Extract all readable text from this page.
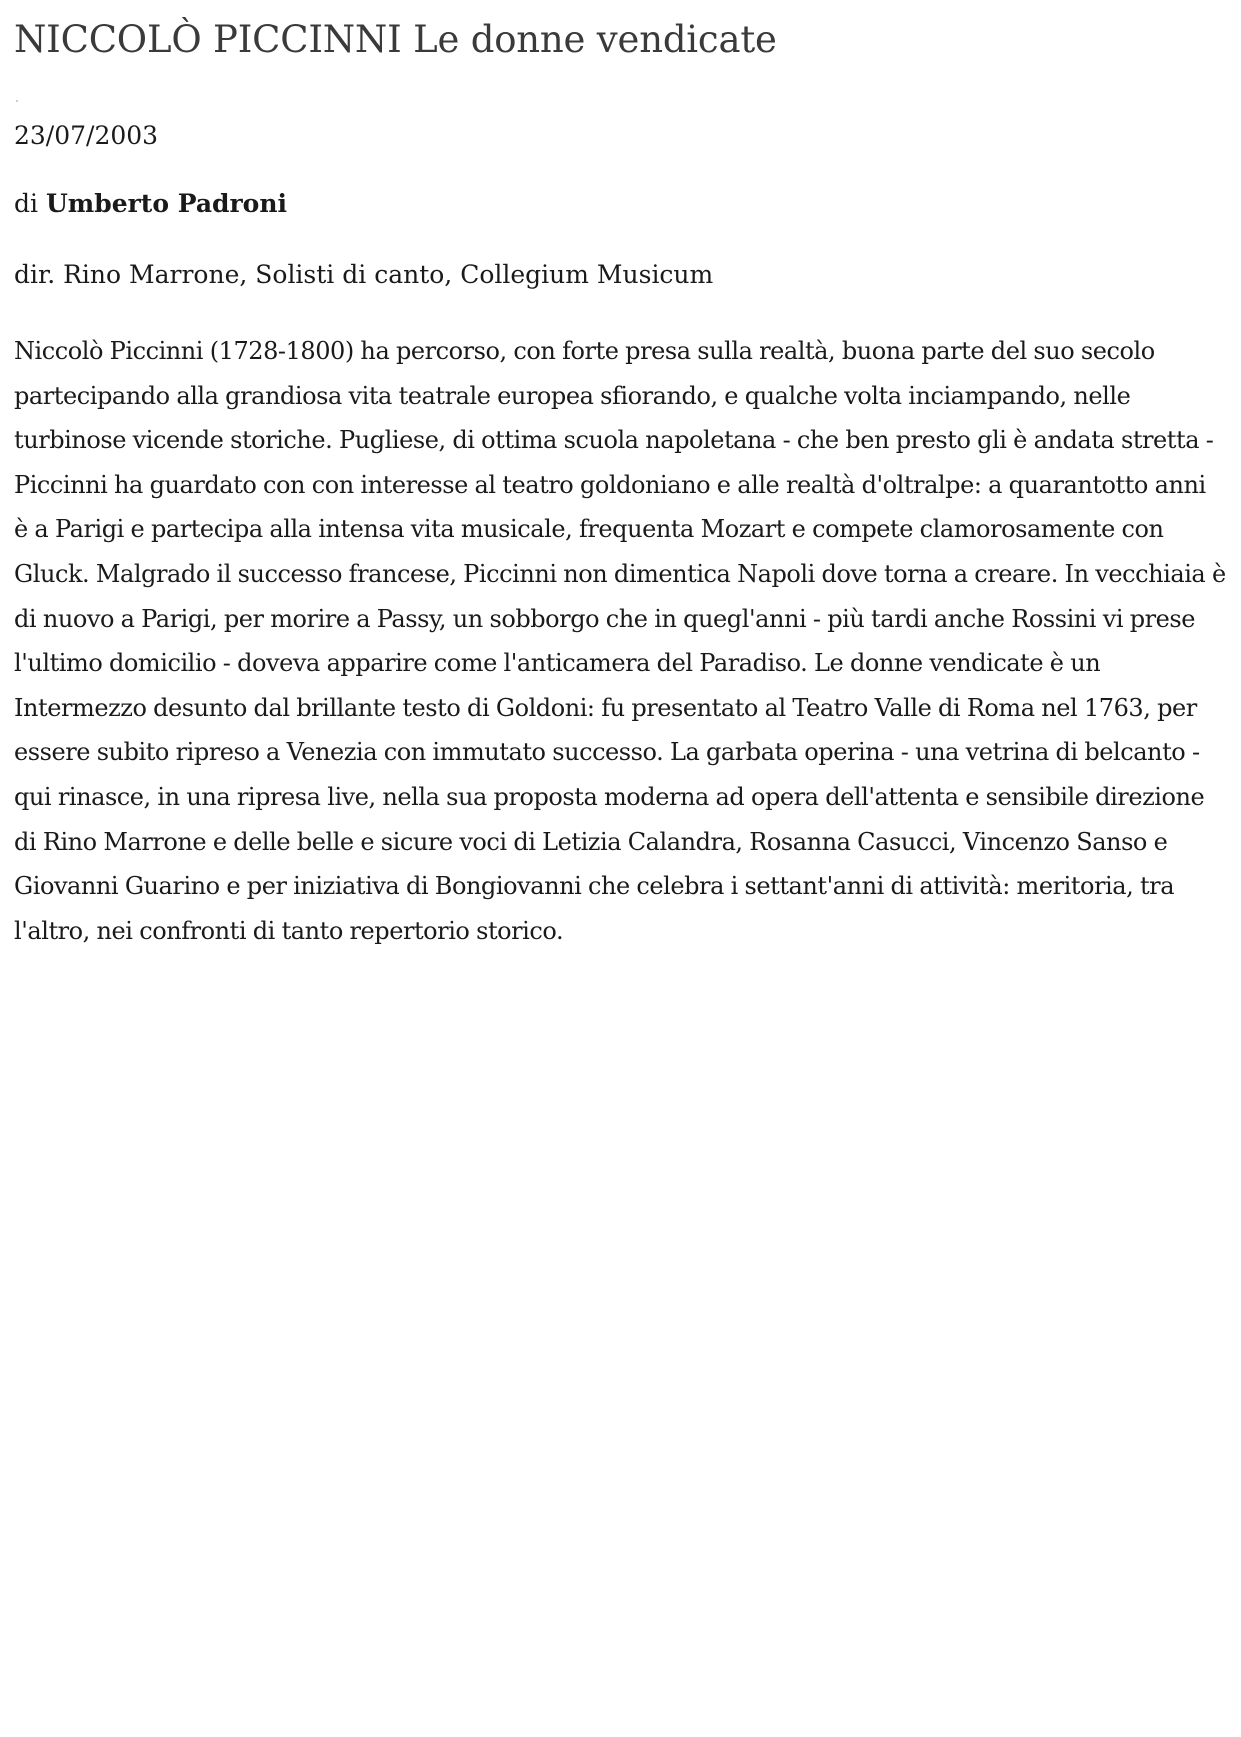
NICCOLÒ PICCINNI Le donne vendicate

23/07/2003

di Umberto Padroni

dir. Rino Marrone, Solisti di canto, Collegium Musicum

Niccolò Piccinni (1728-1800) ha percorso, con forte presa sulla realtà, buona parte del suo secolo partecipando alla grandiosa vita teatrale europea sfiorando, e qualche volta inciampando, nelle turbinose vicende storiche. Pugliese, di ottima scuola napoletana - che ben presto gli è andata stretta - Piccinni ha guardato con con interesse al teatro goldoniano e alle realtà d'oltralpe: a quarantotto anni è a Parigi e partecipa alla intensa vita musicale, frequenta Mozart e compete clamorosamente con Gluck. Malgrado il successo francese, Piccinni non dimentica Napoli dove torna a creare. In vecchiaia è di nuovo a Parigi, per morire a Passy, un sobborgo che in quegl'anni - più tardi anche Rossini vi prese l'ultimo domicilio - doveva apparire come l'anticamera del Paradiso. Le donne vendicate è un Intermezzo desunto dal brillante testo di Goldoni: fu presentato al Teatro Valle di Roma nel 1763, per essere subito ripreso a Venezia con immutato successo. La garbata operina - una vetrina di belcanto - qui rinasce, in una ripresa live, nella sua proposta moderna ad opera dell'attenta e sensibile direzione di Rino Marrone e delle belle e sicure voci di Letizia Calandra, Rosanna Casucci, Vincenzo Sanso e Giovanni Guarino e per iniziativa di Bongiovanni che celebra i settant'anni di attività: meritoria, tra l'altro, nei confronti di tanto repertorio storico.
